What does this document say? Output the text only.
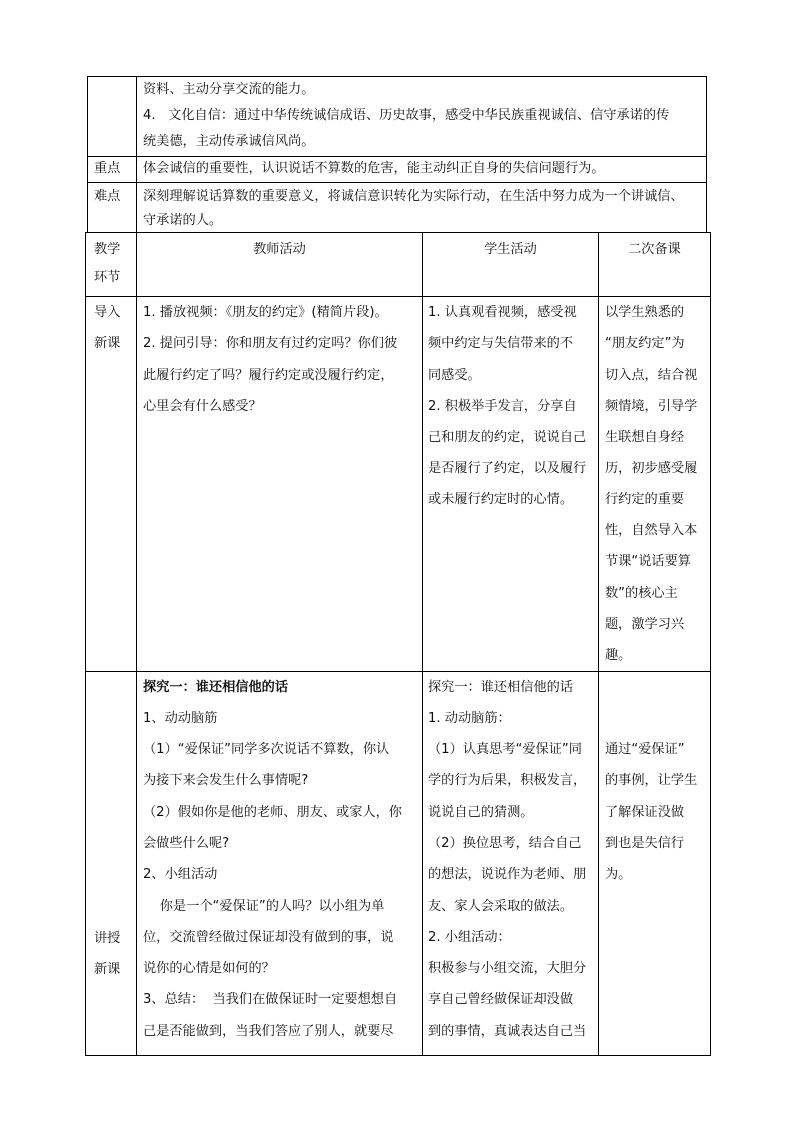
资料、主动分享交流的能力。
4.   文化自信：通过中华传统诚信成语、历史故事，感受中华民族重视诚信、信守承诺的传
统美德，主动传承诚信风尚。
重点 体会诚信的重要性，认识说话不算数的危害，能主动纠正自身的失信问题行为。
难点 深刻理解说话算数的重要意义，将诚信意识转化为实际行动，在生活中努力成为一个讲诚信、
守承诺的人。
教学
环节
教师活动	学生活动	二次备课
导入
新课
1. 播放视频：《朋友的约定》(精简片段)。
2. 提问引导：你和朋友有过约定吗？你们彼
此履行约定了吗？履行约定或没履行约定，
心里会有什么感受？
1. 认真观看视频，感受视
频中约定与失信带来的不
同感受。
2. 积极举手发言，分享自
己和朋友的约定，说说自己
是否履行了约定，以及履行
或未履行约定时的心情。
以学生熟悉的
“朋友约定”为
切入点，结合视
频情境，引导学
生联想自身经
历，初步感受履
行约定的重要
性，自然导入本
节课“说话要算
数”的核心主
题，激学习兴
趣。
讲授
新课
探究一：谁还相信他的话
1、动动脑筋
（1）“爱保证”同学多次说话不算数，你认
为接下来会发生什么事情呢?
（2）假如你是他的老师、朋友、或家人，你
会做些什么呢?
2、小组活动
你是一个“爱保证”的人吗？以小组为单
位，交流曾经做过保证却没有做到的事，说
说你的心情是如何的？
3、总结：  当我们在做保证时一定要想想自
己是否能做到，当我们答应了别人，就要尽
探究一：谁还相信他的话
1. 动动脑筋：
（1）认真思考“爱保证”同
学的行为后果，积极发言，
说说自己的猜测。
（2）换位思考，结合自己
的想法，说说作为老师、朋
友、家人会采取的做法。
2. 小组活动：
积极参与小组交流，大胆分
享自己曾经做保证却没做
到的事情，真诚表达自己当
通过“爱保证”
的事例，让学生
了解保证没做
到也是失信行
为。
